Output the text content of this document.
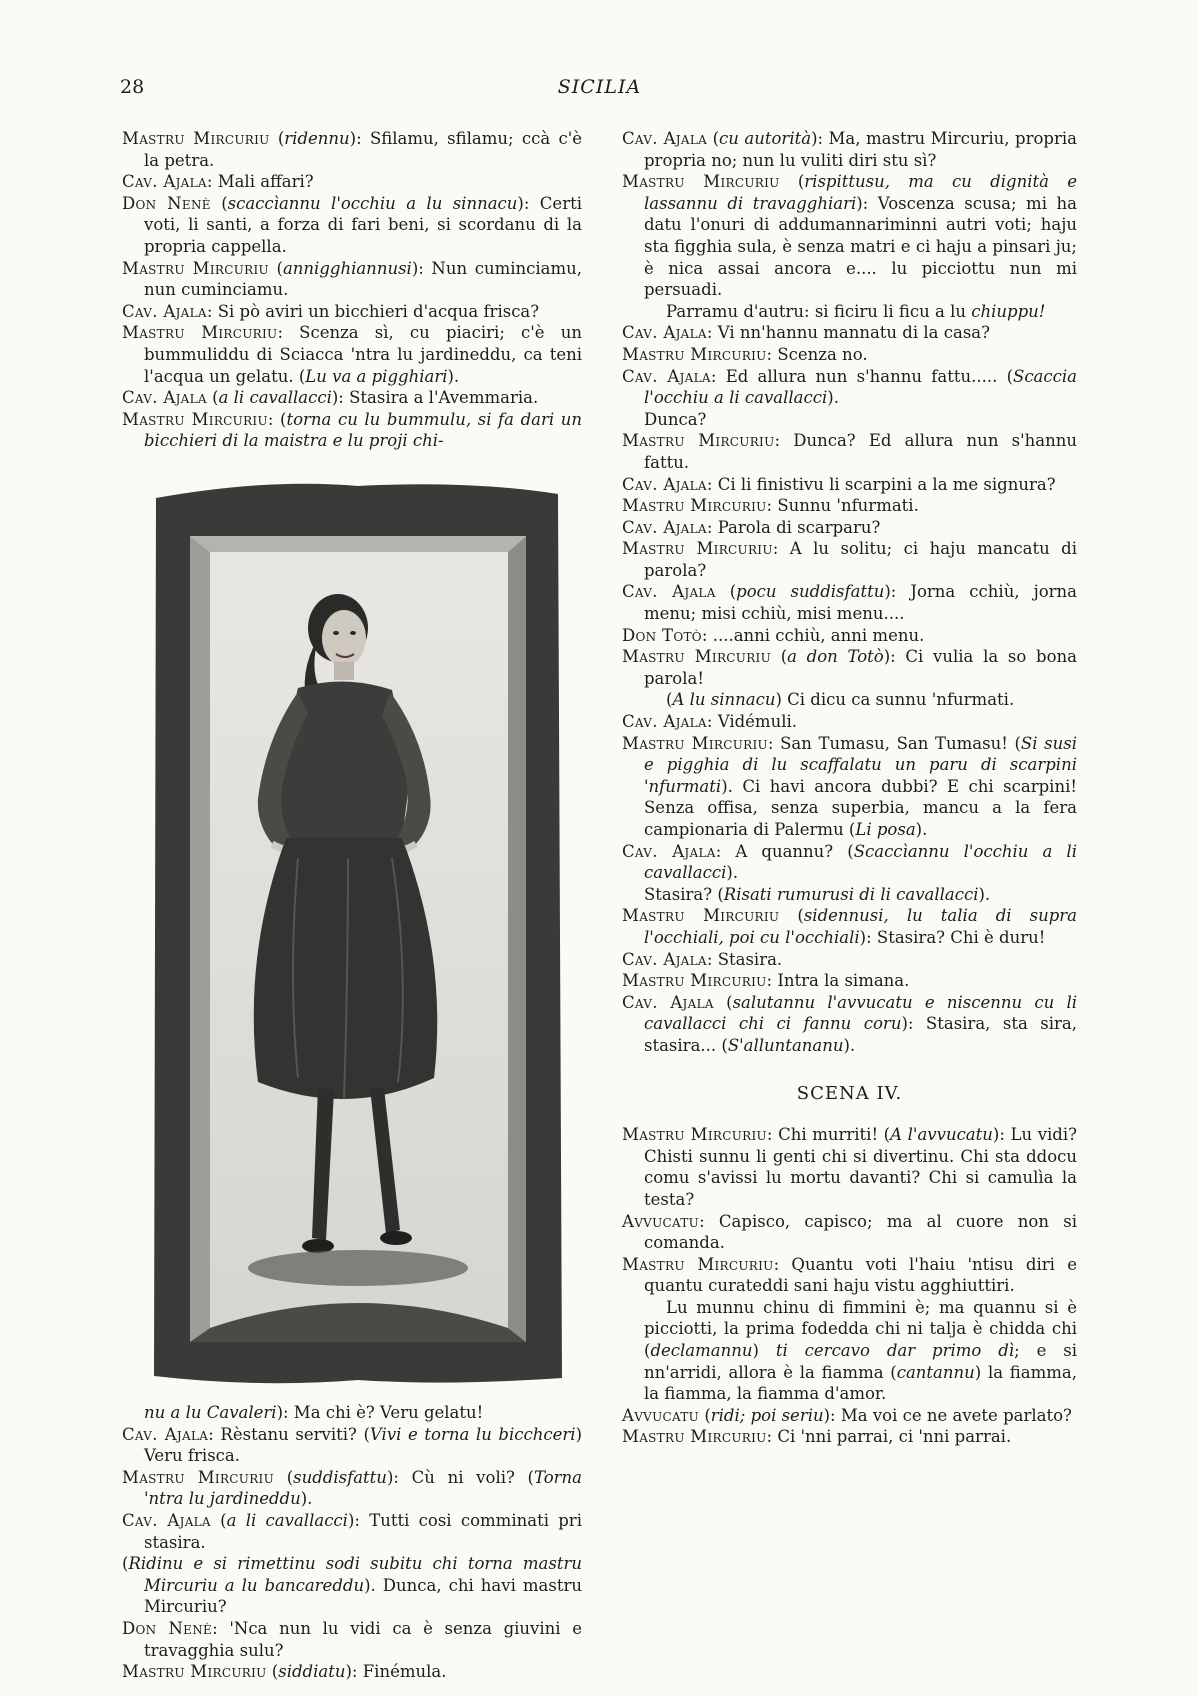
28	SICILIA

Mastru Mircuriu (ridennu): Sfilamu, sfilamu; ccà c'è la petra.

Cav. Ajala: Mali affari?

Don Nenè (scaccìannu l'occhiu a lu sinnacu): Certi voti, li santi, a forza di fari beni, si scordanu di la propria cappella.

Mastru Mircuriu (annigghiannusi): Nun cuminciamu, nun cuminciamu.

Cav. Ajala: Si pò aviri un bicchieri d'acqua frisca?

Mastru Mircuriu: Scenza sì, cu piaciri; c'è un bummuliddu di Sciacca 'ntra lu jardineddu, ca teni l'acqua un gelatu. (Lu va a pigghiari).

Cav. Ajala (a li cavallacci): Stasira a l'Avemmaria.

Mastru Mircuriu: (torna cu lu bummulu, si fa dari un bicchieri di la maistra e lu proji chi-

nu a lu Cavaleri): Ma chi è? Veru gelatu!

Cav. Ajala: Rèstanu serviti? (Vivi e torna lu bicchceri) Veru frisca.

Mastru Mircuriu (suddisfattu): Cù ni voli? (Torna 'ntra lu jardineddu).

Cav. Ajala (a li cavallacci): Tutti cosi comminati pri stasira.

(Ridinu e si rimettinu sodi subitu chi torna mastru Mircuriu a lu bancareddu). Dunca, chi havi mastru Mircuriu?

Don Nenè: 'Nca nun lu vidi ca è senza giuvini e travagghia sulu?

Mastru Mircuriu (siddiatu): Finémula.

Cav. Ajala (cu autorità): Ma, mastru Mircuriu, propria propria no; nun lu vuliti diri stu sì?

Mastru Mircuriu (rispittusu, ma cu dignità e lassannu di travagghiari): Voscenza scusa; mi ha datu l'onuri di addumannariminni autri voti; haju sta figghia sula, è senza matri e ci haju a pinsari ju; è nica assai ancora e.... lu picciottu nun mi persuadi.

Parramu d'autru: si ficiru li ficu a lu chiuppu!

Cav. Ajala: Vi nn'hannu mannatu di la casa?

Mastru Mircuriu: Scenza no.

Cav. Ajala: Ed allura nun s'hannu fattu..... (Scaccia l'occhiu a li cavallacci).

Dunca?

Mastru Mircuriu: Dunca? Ed allura nun s'hannu fattu.

Cav. Ajala: Ci li finistivu li scarpini a la me signura?

Mastru Mircuriu: Sunnu 'nfurmati.

Cav. Ajala: Parola di scarparu?

Mastru Mircuriu: A lu solitu; ci haju mancatu di parola?

Cav. Ajala (pocu suddisfattu): Jorna cchiù, jorna menu; misi cchiù, misi menu....

Don Totò: ....anni cchiù, anni menu.

Mastru Mircuriu (a don Totò): Ci vulia la so bona parola!

(A lu sinnacu) Ci dicu ca sunnu 'nfurmati.

Cav. Ajala: Vidémuli.

Mastru Mircuriu: San Tumasu, San Tumasu! (Si susi e pigghia di lu scaffalatu un paru di scarpini 'nfurmati). Ci havi ancora dubbi? E chi scarpini! Senza offisa, senza superbia, mancu a la fera campionaria di Palermu (Li posa).

Cav. Ajala: A quannu? (Scaccìannu l'occhiu a li cavallacci).

Stasira? (Risati rumurusi di li cavallacci).

Mastru Mircuriu (sidennusi, lu talia di supra l'occhiali, poi cu l'occhiali): Stasira? Chi è duru!

Cav. Ajala: Stasira.

Mastru Mircuriu: Intra la simana.

Cav. Ajala (salutannu l'avvucatu e niscennu cu li cavallacci chi ci fannu coru): Stasira, sta sira, stasira... (S'alluntananu).

SCENA IV.

Mastru Mircuriu: Chi murriti! (A l'avvucatu): Lu vidi? Chisti sunnu li genti chi si divertinu. Chi sta ddocu comu s'avissi lu mortu davanti? Chi si camulìa la testa?

Avvucatu: Capisco, capisco; ma al cuore non si comanda.

Mastru Mircuriu: Quantu voti l'haiu 'ntisu diri e quantu curateddi sani haju vistu agghiuttiri.

Lu munnu chinu di fimmini è; ma quannu si è picciotti, la prima fodedda chi ni talja è chidda chi (declamannu) ti cercavo dar primo dì; e si nn'arridi, allora è la fiamma (cantannu) la fiamma, la fiamma, la fiamma d'amor.

Avvucatu (ridi; poi seriu): Ma voi ce ne avete parlato?

Mastru Mircuriu: Ci 'nni parrai, ci 'nni parrai.
